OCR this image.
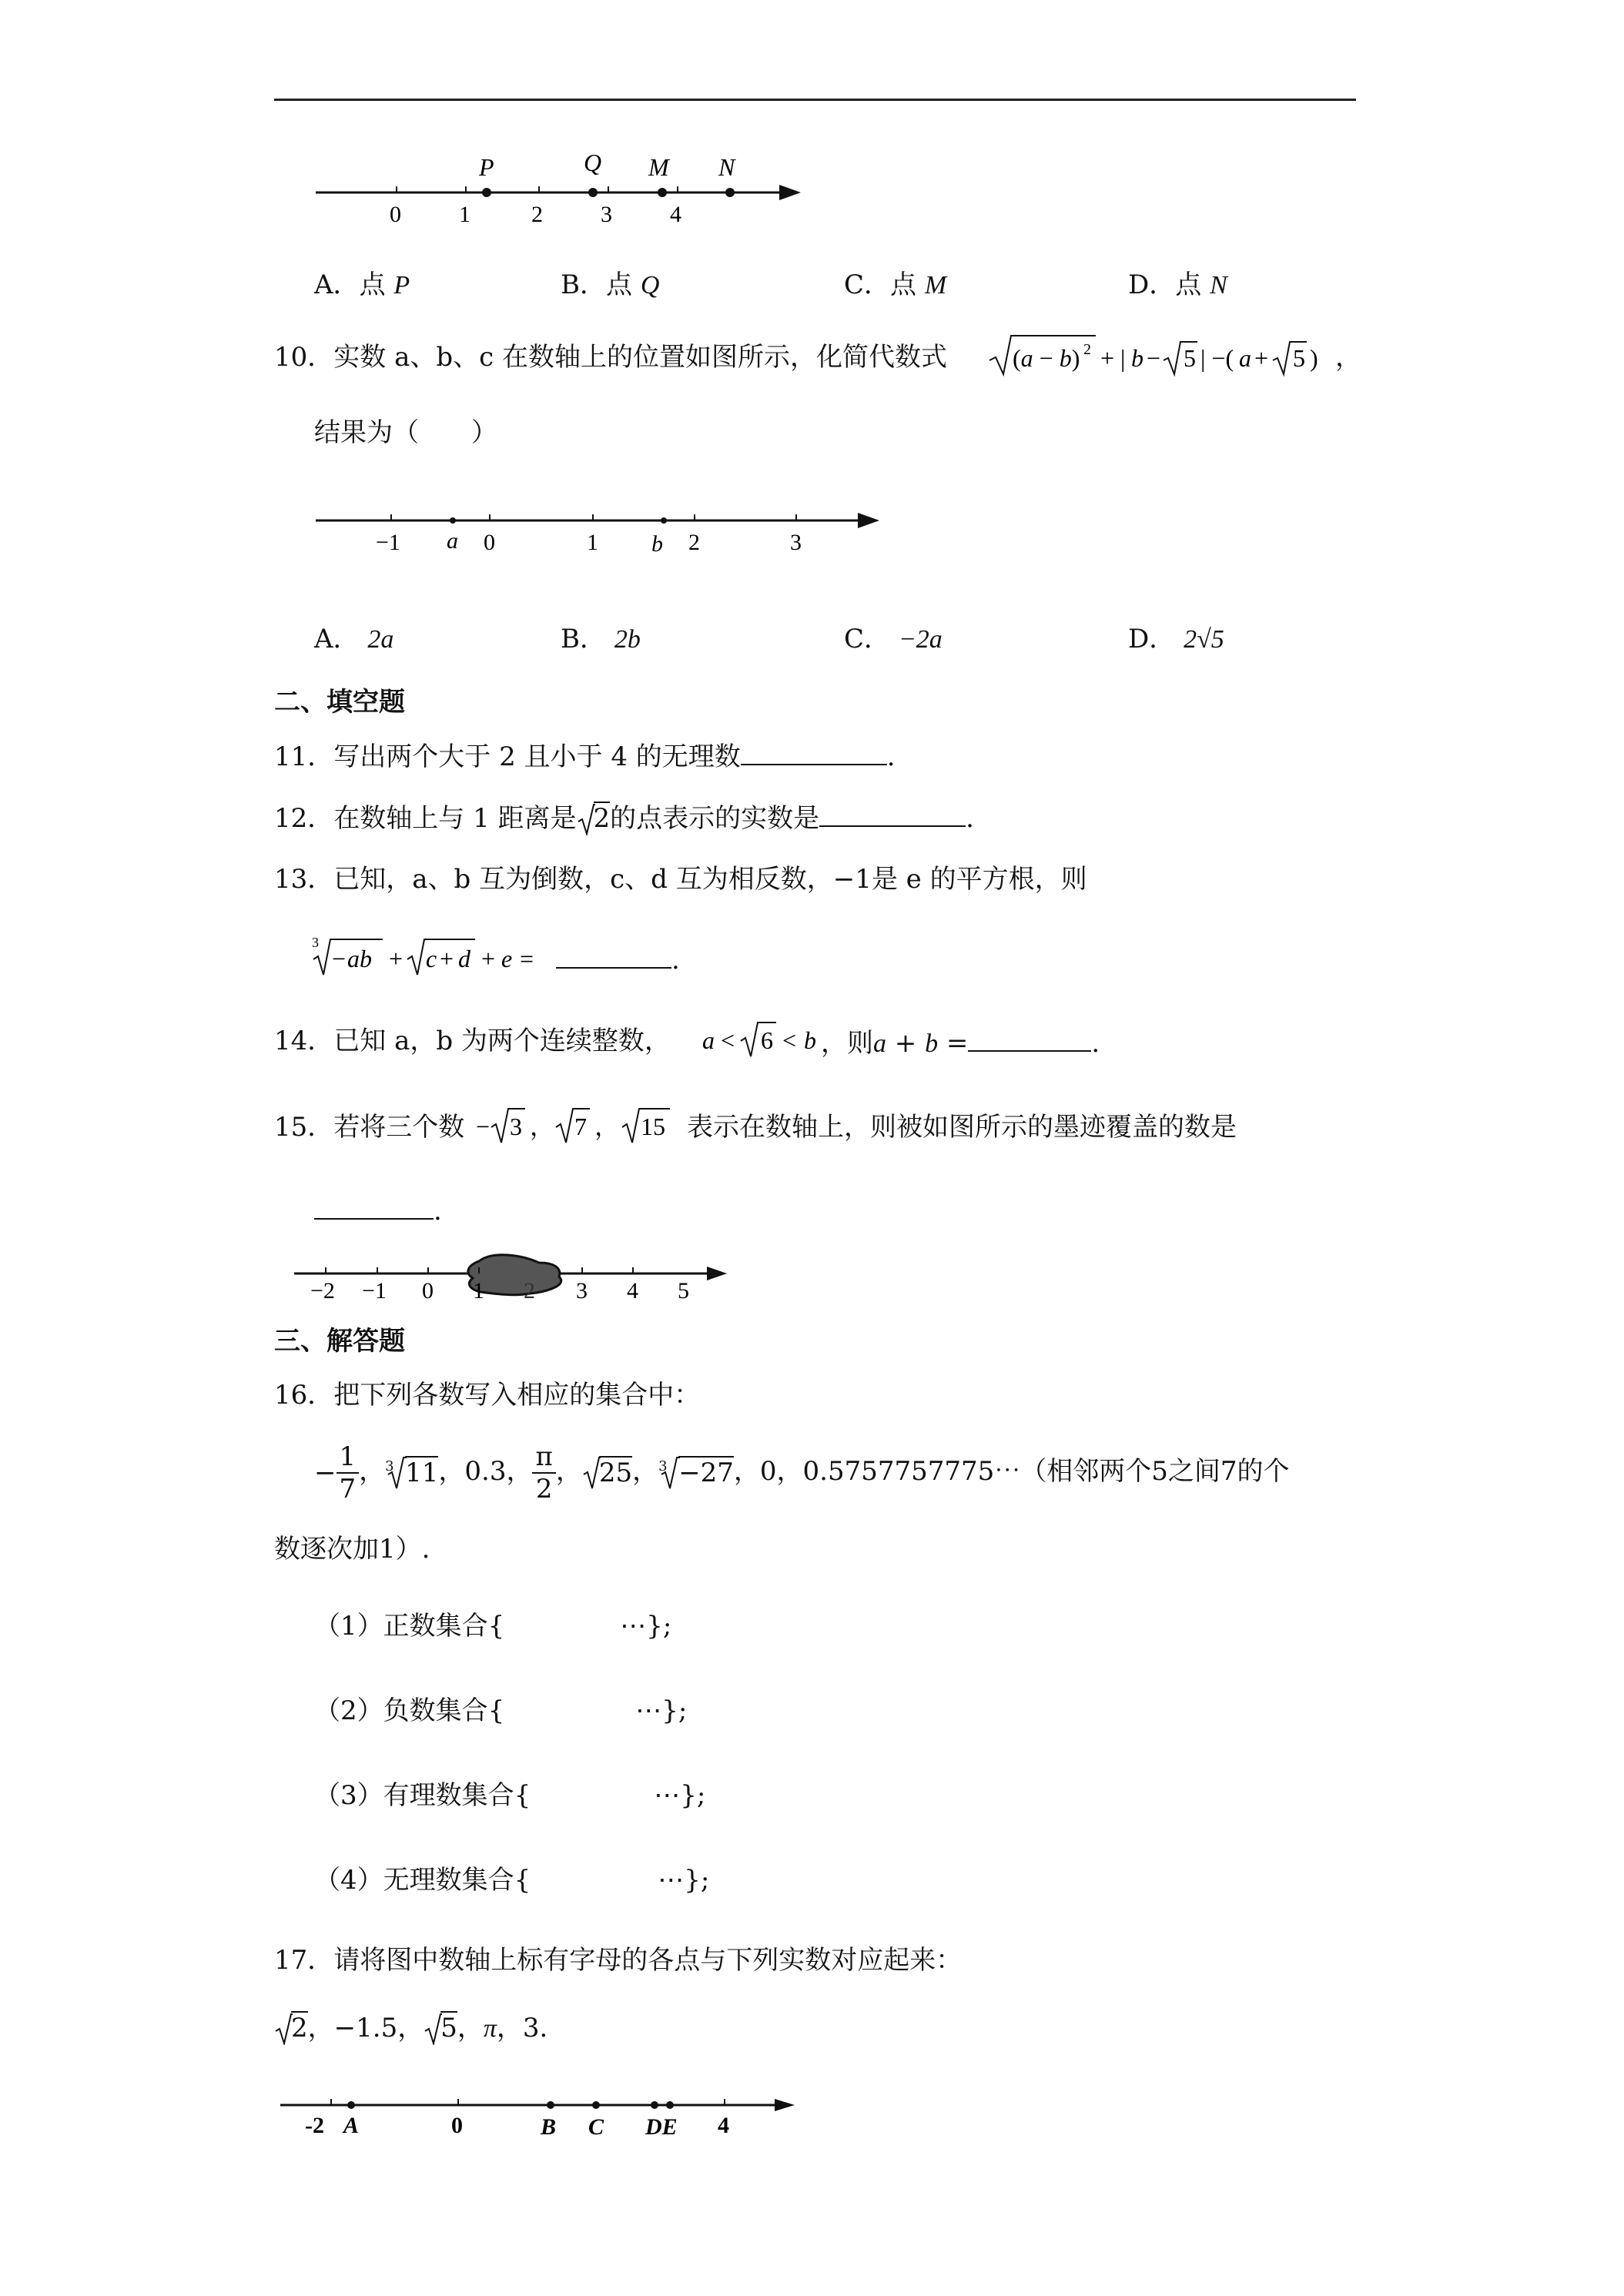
0	1	2	3	4
P	Q M N
A．点 P	B．点 Q	C．点 M	D．点 N
10．实数 a、b、c 在数轴上的位置如图所示，化简代数式	(a − b) 2 + | b − 5 | −( a + 5 ) ，
结果为（　　）
−1 a 0	1 b 2	3
A． 2a	B． 2b	C． −2a	D． 2√5
二、填空题
11．写出两个大于 2 且小于 4 的无理数	.
12．在数轴上与 1 距离是 2的点表示的实数是	.
13．已知，a、b 互为倒数，c、d 互为相反数，−1是 e 的平方根，则
3
− ab + c + d + e =	.
14．已知 a，b 为两个连续整数， a < 6 < b ，则a + b =	.
15．若将三个数 − 3 ， 7 ， 15 表示在数轴上，则被如图所示的墨迹覆盖的数是
.
−2 −1 0 1 2 3 4 5
三、解答题
16．把下列各数写入相应的集合中：
− $\frac{1}{7}$ ， 3 11，0.3， $\frac{\pi}{2}$ ， 25， 3 −27，0，0.5757757775⋯（相邻两个5之间7的个
数逐次加1）.
（1）正数集合{	⋯};
（2）负数集合{	⋯};
（3）有理数集合{	⋯};
（4）无理数集合{	⋯};
17．请将图中数轴上标有字母的各点与下列实数对应起来：
2，−1.5， 5，π，3.
-2 A	0	B C DE 4
